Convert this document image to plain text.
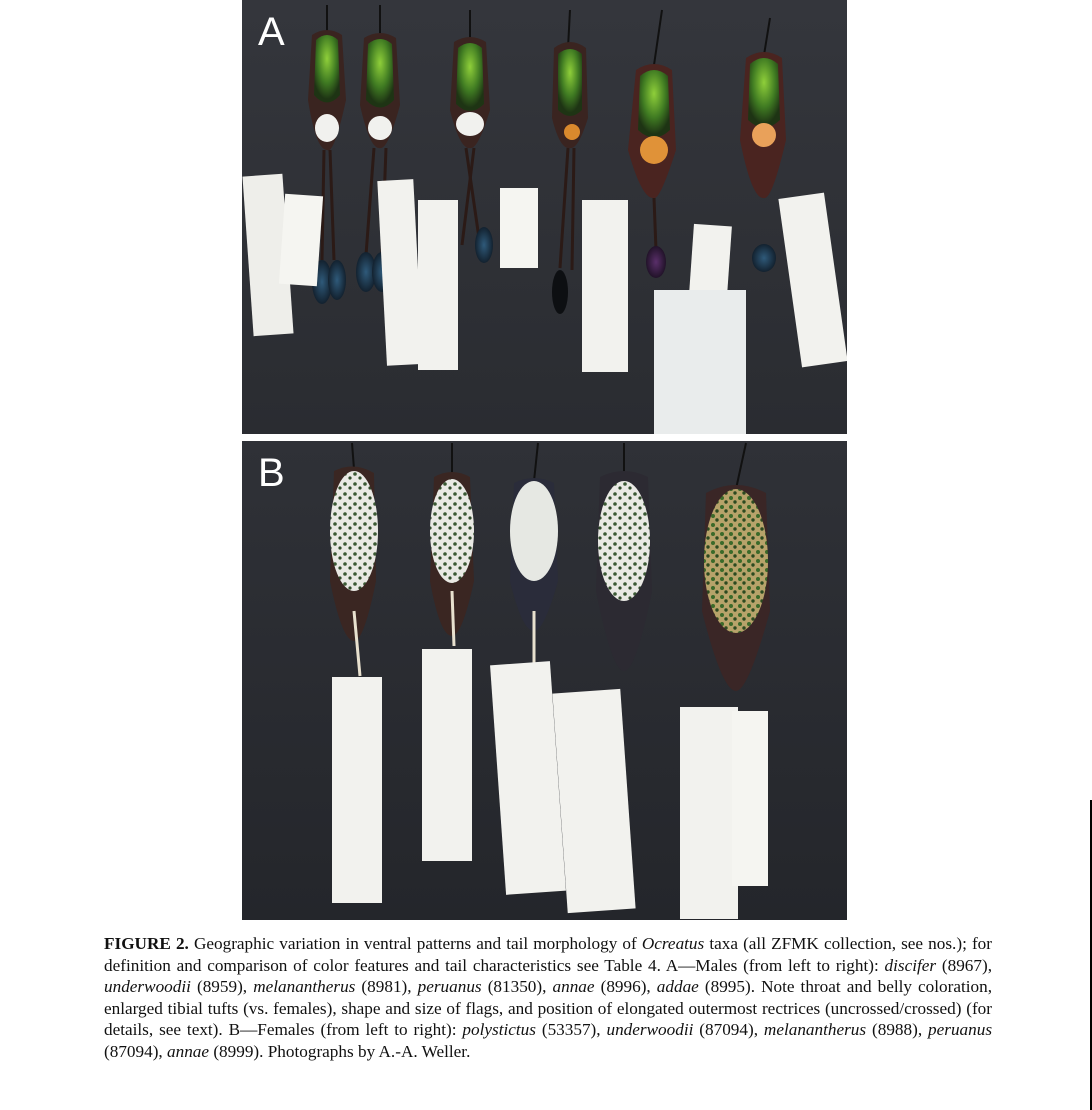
A
B
FIGURE 2. Geographic variation in ventral patterns and tail morphology of Ocreatus taxa (all ZFMK collection, see nos.); for definition and comparison of color features and tail characteristics see Table 4. A—Males (from left to right): discifer (8967), underwoodii (8959), melanantherus (8981), peruanus (81350), annae (8996), addae (8995). Note throat and belly coloration, enlarged tibial tufts (vs. females), shape and size of flags, and position of elongated outermost rectrices (uncrossed/crossed) (for details, see text). B—Females (from left to right): polystictus (53357), underwoodii (87094), melanantherus (8988), peruanus (87094), annae (8999). Photographs by A.-A. Weller.
